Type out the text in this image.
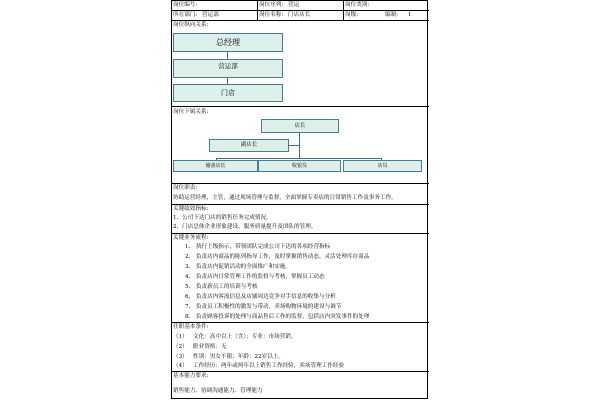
岗位编号:	岗位序列: 营运	岗位类别:
所在部门: 营运部	岗位名称: 门店店长	岗级:	编制: 1
岗位纵向关系:
总经理
营运部
门店
岗位下属关系:
店长
副店长
储备店长	收银员	店员
岗位职责:
协助运营经理，主管，通过现场管理与监督，全面掌握专卖店的日常销售工作及事务工作。
关键绩效指标:
1、公司下达门店的销售任务完成情况。
2、门店总体企业形象建设、服务质量提升及团队的管理。
关键业务流程:
1、 执行上级指示，带领团队完成公司下达的各项经营指标
2、 负责店内商品的陈列指导工作，及时掌握销售动态，灵活处理库存商品
3、 负责店内促销活动的全面推广和实施。
4、 负责店内日常管理工作的监督与考核，掌握员工动态
5、 负责新员工的培训与考核
6、 负责店内客流信息及店铺周边竞争对手信息的收集与分析
7、 负责员工积极性的激发与带动，卖场购物环境的建设与调节
8、 负责顾客投诉的处理与商品售后工作的监督，包括店内突发事件的处理
任职基本条件:
（1） 文化：高中以上（含）；专业：市场营销。
（2） 职业资格：无
（3） 性别：男女不限；年龄：22岁以上。
（4） 工作经历：两年或两年以上销售工作经验，卖场管理工作经验
基本能力要求:
销售能力、协调沟通能力、管理能力
